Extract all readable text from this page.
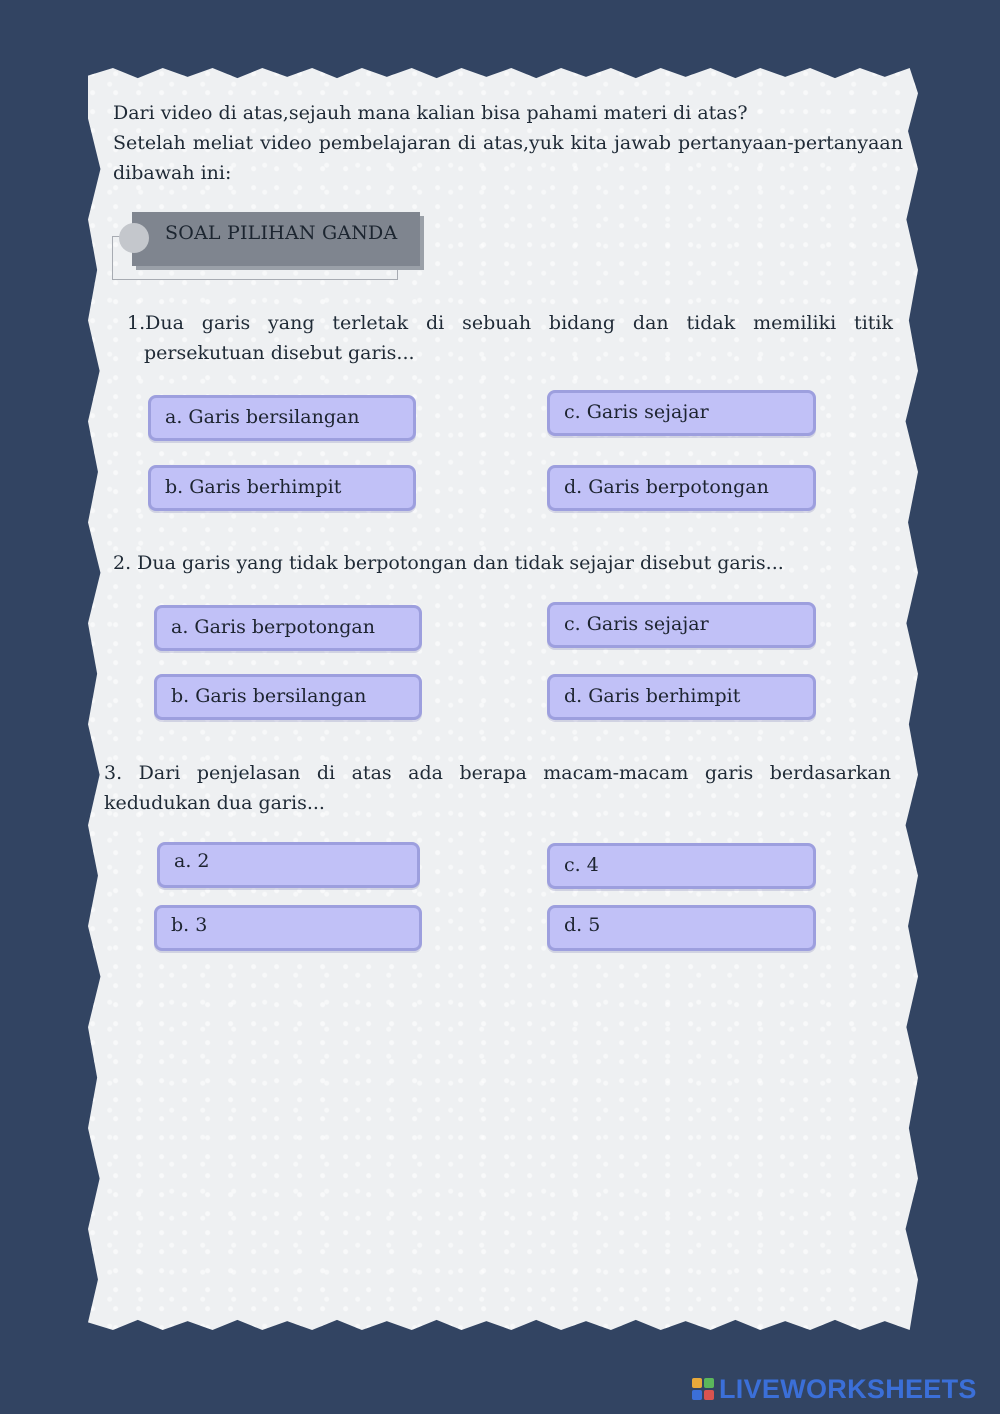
Dari video di atas,sejauh mana kalian bisa pahami materi di atas?
Setelah meliat video pembelajaran di atas,yuk kita jawab pertanyaan-pertanyaan dibawah ini:
SOAL PILIHAN GANDA
1.Dua garis yang terletak di sebuah bidang dan tidak memiliki titik persekutuan disebut garis...
a. Garis bersilangan
b. Garis berhimpit
c. Garis sejajar
d. Garis berpotongan
2. Dua garis yang tidak berpotongan dan tidak sejajar disebut garis...
a. Garis berpotongan
b. Garis bersilangan
c. Garis sejajar
d. Garis berhimpit
3. Dari penjelasan di atas ada berapa macam-macam garis berdasarkan kedudukan dua garis...
a. 2
b. 3
c. 4
d. 5
LIVEWORKSHEETS
